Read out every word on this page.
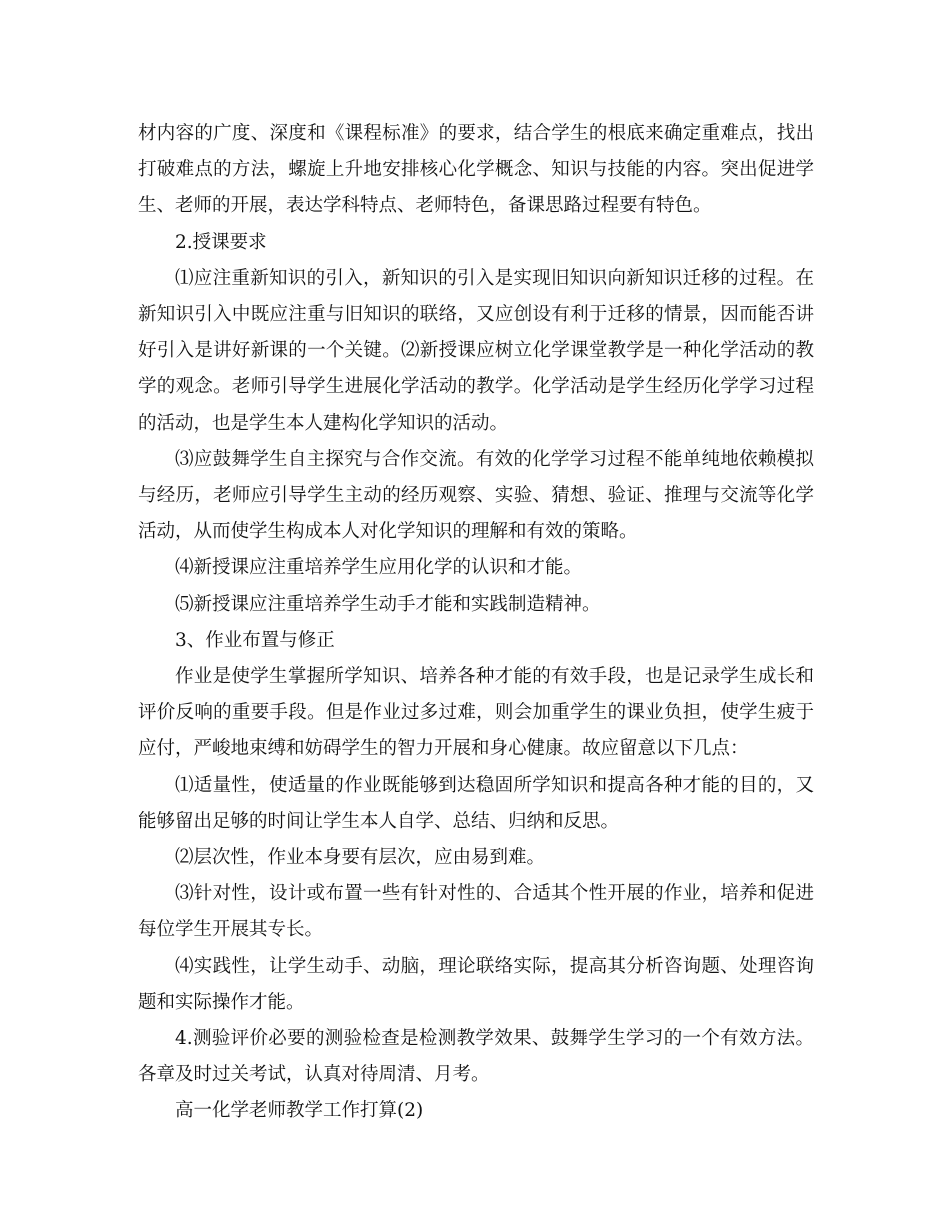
材内容的广度、深度和《课程标准》的要求，结合学生的根底来确定重难点，找出打破难点的方法，螺旋上升地安排核心化学概念、知识与技能的内容。突出促进学生、老师的开展，表达学科特点、老师特色，备课思路过程要有特色。

2.授课要求

⑴应注重新知识的引入，新知识的引入是实现旧知识向新知识迁移的过程。在新知识引入中既应注重与旧知识的联络，又应创设有利于迁移的情景，因而能否讲好引入是讲好新课的一个关键。⑵新授课应树立化学课堂教学是一种化学活动的教学的观念。老师引导学生进展化学活动的教学。化学活动是学生经历化学学习过程的活动，也是学生本人建构化学知识的活动。

⑶应鼓舞学生自主探究与合作交流。有效的化学学习过程不能单纯地依赖模拟与经历，老师应引导学生主动的经历观察、实验、猜想、验证、推理与交流等化学活动，从而使学生构成本人对化学知识的理解和有效的策略。

⑷新授课应注重培养学生应用化学的认识和才能。

⑸新授课应注重培养学生动手才能和实践制造精神。

3、作业布置与修正

作业是使学生掌握所学知识、培养各种才能的有效手段，也是记录学生成长和评价反响的重要手段。但是作业过多过难，则会加重学生的课业负担，使学生疲于应付，严峻地束缚和妨碍学生的智力开展和身心健康。故应留意以下几点：

⑴适量性，使适量的作业既能够到达稳固所学知识和提高各种才能的目的，又能够留出足够的时间让学生本人自学、总结、归纳和反思。

⑵层次性，作业本身要有层次，应由易到难。

⑶针对性，设计或布置一些有针对性的、合适其个性开展的作业，培养和促进每位学生开展其专长。

⑷实践性，让学生动手、动脑，理论联络实际，提高其分析咨询题、处理咨询题和实际操作才能。

4.测验评价必要的测验检查是检测教学效果、鼓舞学生学习的一个有效方法。各章及时过关考试，认真对待周清、月考。

高一化学老师教学工作打算(2)
